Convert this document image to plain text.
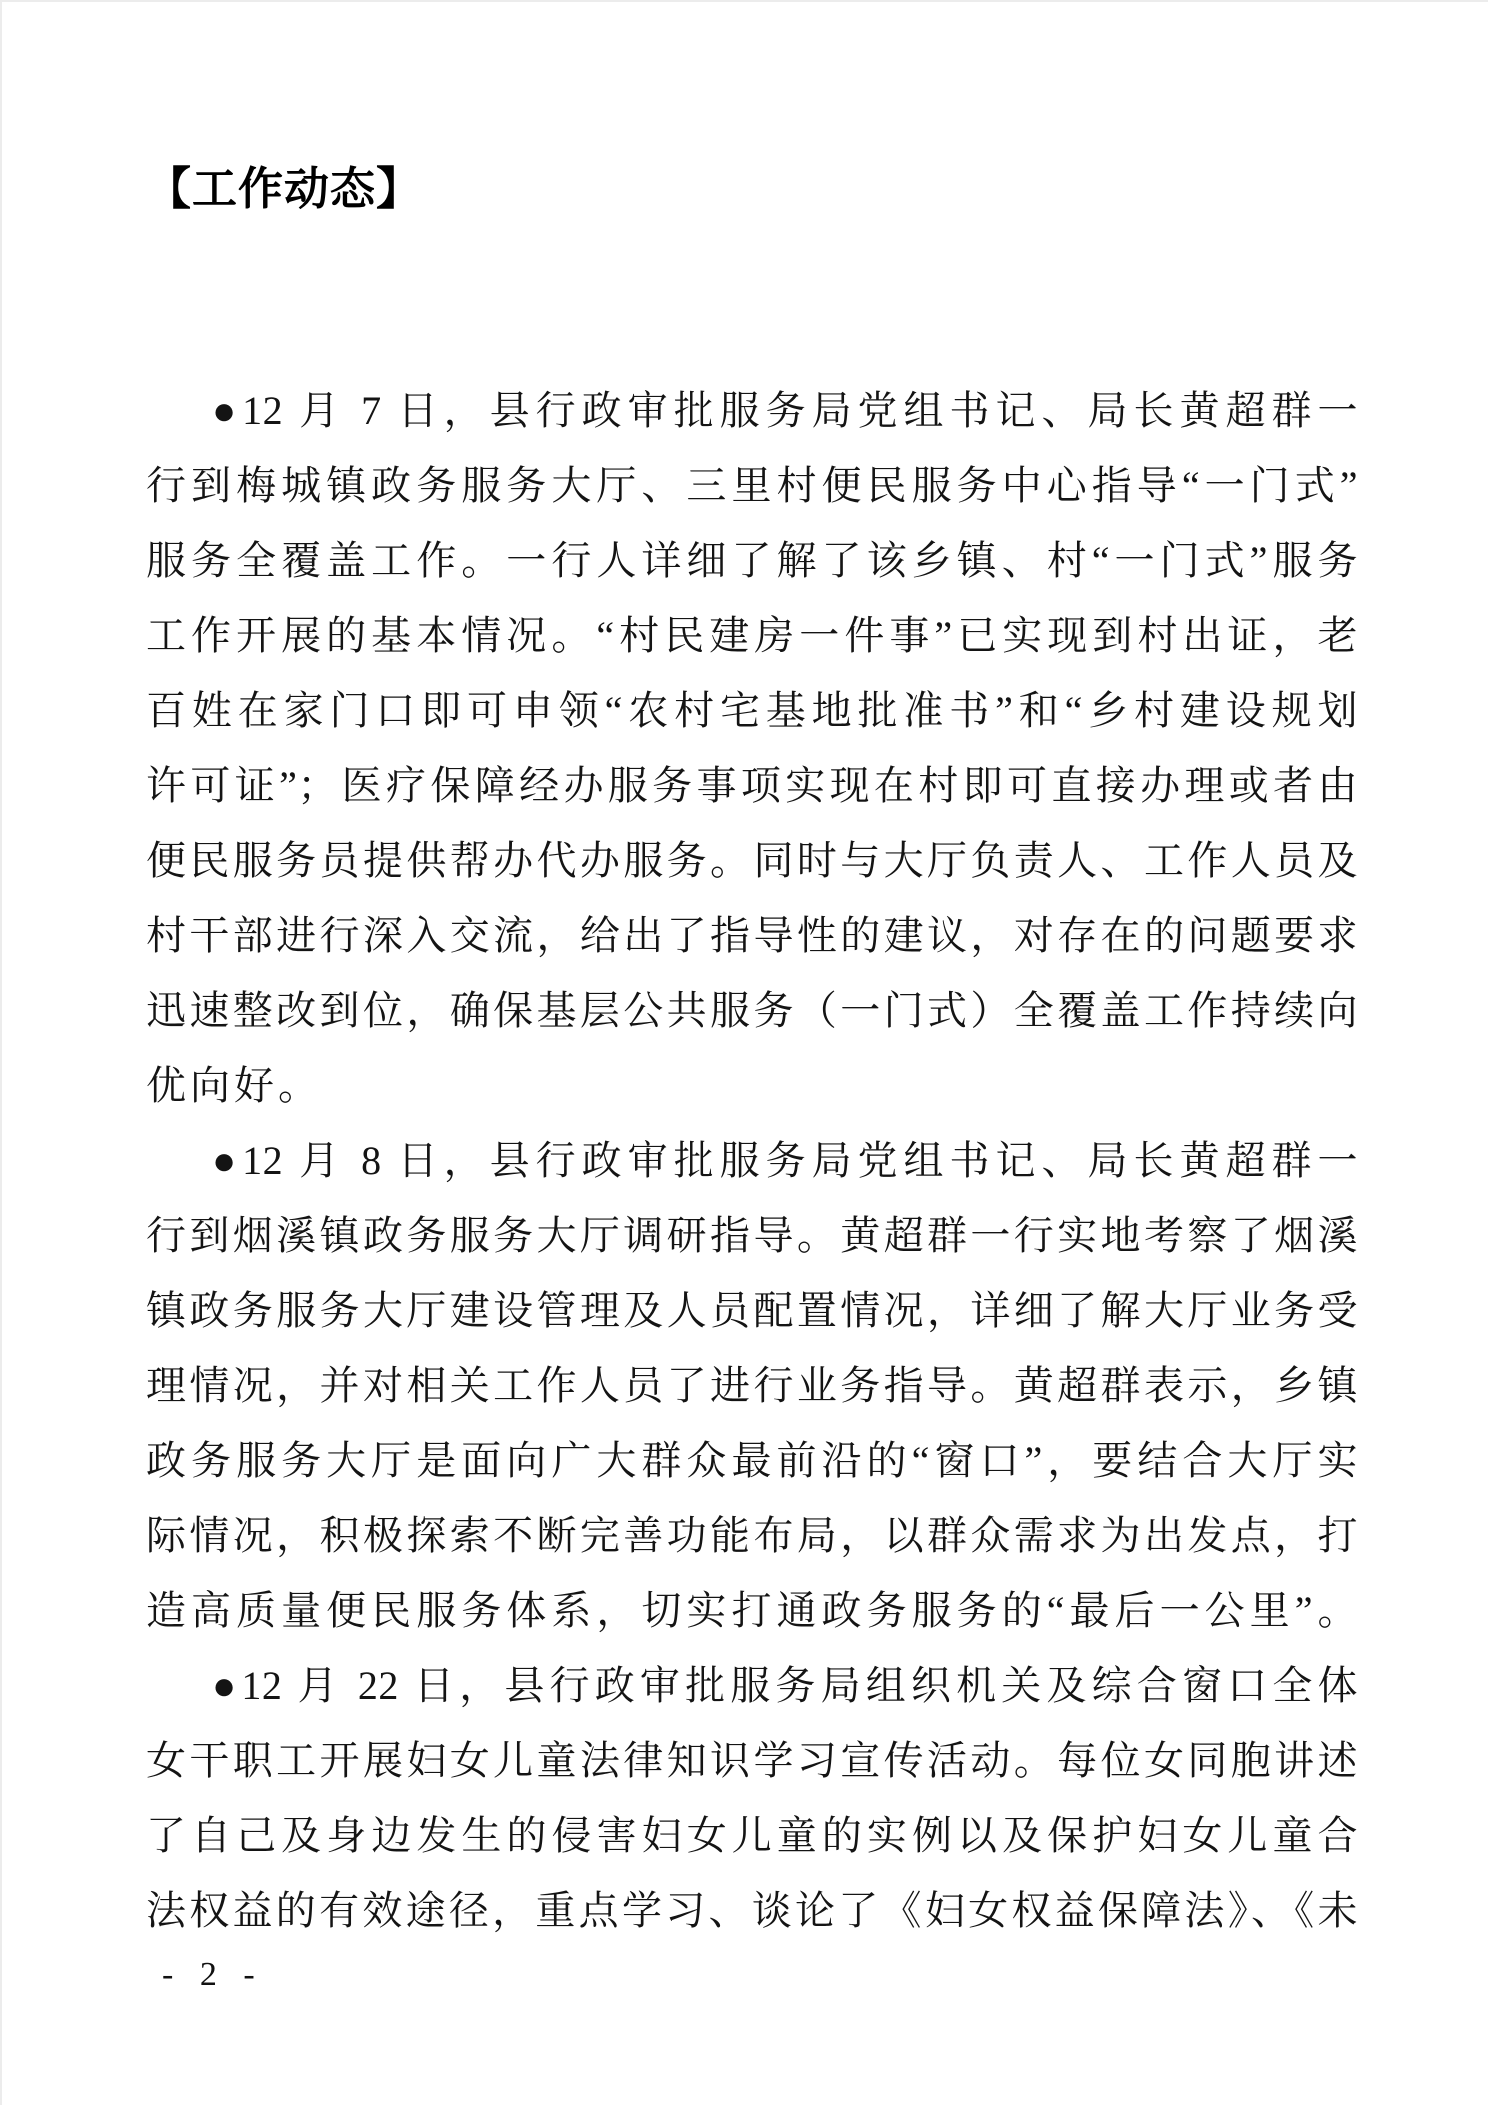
【工作动态】
●12 月 7 日，县行政审批服务局党组书记、局长黄超群一
行到梅城镇政务服务大厅、三里村便民服务中心指导“一门式”
服务全覆盖工作。一行人详细了解了该乡镇、村“一门式”服务
工作开展的基本情况。“村民建房一件事”已实现到村出证，老
百姓在家门口即可申领“农村宅基地批准书”和“乡村建设规划
许可证”；医疗保障经办服务事项实现在村即可直接办理或者由
便民服务员提供帮办代办服务。同时与大厅负责人、工作人员及
村干部进行深入交流，给出了指导性的建议，对存在的问题要求
迅速整改到位，确保基层公共服务（一门式）全覆盖工作持续向
优向好。
●12 月 8 日，县行政审批服务局党组书记、局长黄超群一
行到烟溪镇政务服务大厅调研指导。黄超群一行实地考察了烟溪
镇政务服务大厅建设管理及人员配置情况，详细了解大厅业务受
理情况，并对相关工作人员了进行业务指导。黄超群表示，乡镇
政务服务大厅是面向广大群众最前沿的“窗口”，要结合大厅实
际情况，积极探索不断完善功能布局，以群众需求为出发点，打
造高质量便民服务体系，切实打通政务服务的“最后一公里”。
●12 月 22 日，县行政审批服务局组织机关及综合窗口全体
女干职工开展妇女儿童法律知识学习宣传活动。每位女同胞讲述
了自己及身边发生的侵害妇女儿童的实例以及保护妇女儿童合
法权益的有效途径，重点学习、谈论了《妇女权益保障法》、《未
- 2 -
